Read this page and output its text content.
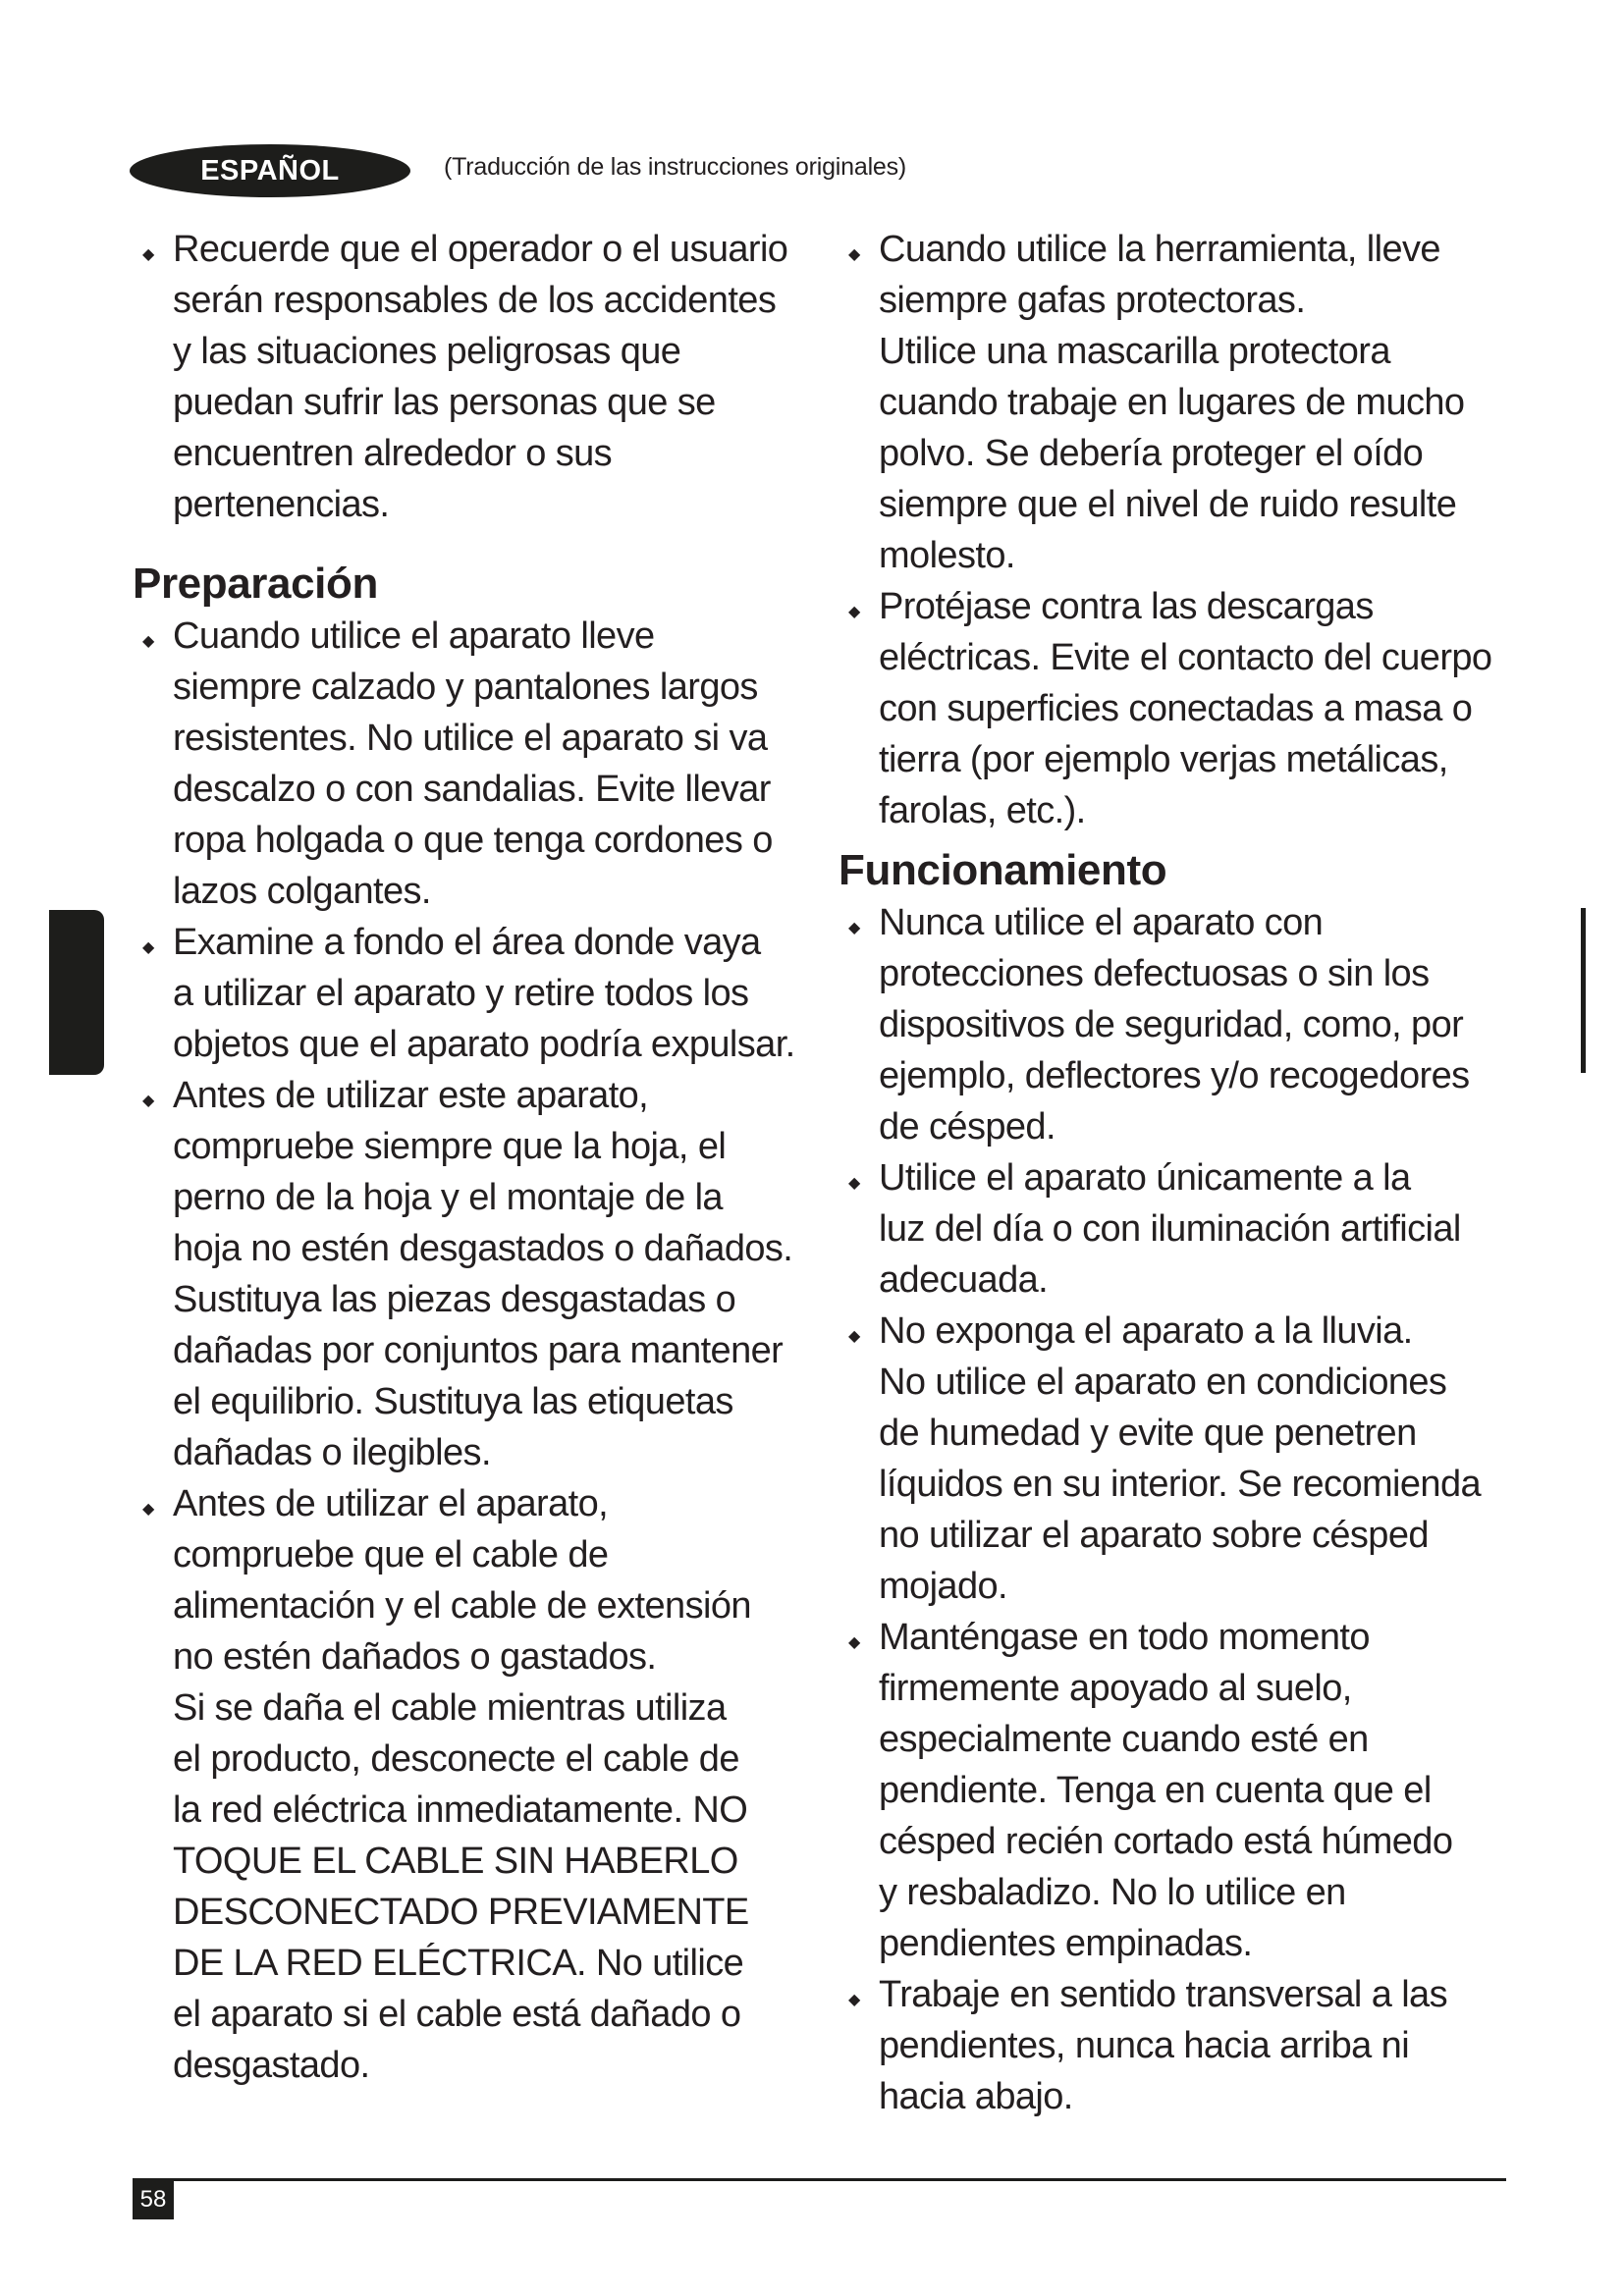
ESPAÑOL	(Traducción de las instrucciones originales)
◆ Recuerde que el operador o el usuario
serán responsables de los accidentes
y las situaciones peligrosas que
puedan sufrir las personas que se
encuentren alrededor o sus
pertenencias.

Preparación
◆ Cuando utilice el aparato lleve
siempre calzado y pantalones largos
resistentes. No utilice el aparato si va
descalzo o con sandalias. Evite llevar
ropa holgada o que tenga cordones o
lazos colgantes.

◆ Examine a fondo el área donde vaya
a utilizar el aparato y retire todos los
objetos que el aparato podría expulsar.

◆ Antes de utilizar este aparato,
compruebe siempre que la hoja, el
perno de la hoja y el montaje de la
hoja no estén desgastados o dañados.
Sustituya las piezas desgastadas o
dañadas por conjuntos para mantener
el equilibrio. Sustituya las etiquetas
dañadas o ilegibles.

◆ Antes de utilizar el aparato,
compruebe que el cable de
alimentación y el cable de extensión
no estén dañados o gastados.
Si se daña el cable mientras utiliza
el producto, desconecte el cable de
la red eléctrica inmediatamente. NO
TOQUE EL CABLE SIN HABERLO
DESCONECTADO PREVIAMENTE
DE LA RED ELÉCTRICA. No utilice
el aparato si el cable está dañado o
desgastado.

◆ Cuando utilice la herramienta, lleve
siempre gafas protectoras.
Utilice una mascarilla protectora
cuando trabaje en lugares de mucho
polvo. Se debería proteger el oído
siempre que el nivel de ruido resulte
molesto.

◆ Protéjase contra las descargas
eléctricas. Evite el contacto del cuerpo
con superficies conectadas a masa o
tierra (por ejemplo verjas metálicas,
farolas, etc.).

Funcionamiento
◆ Nunca utilice el aparato con
protecciones defectuosas o sin los
dispositivos de seguridad, como, por
ejemplo, deflectores y/o recogedores
de césped.

◆ Utilice el aparato únicamente a la
luz del día o con iluminación artificial
adecuada.

◆ No exponga el aparato a la lluvia.
No utilice el aparato en condiciones
de humedad y evite que penetren
líquidos en su interior. Se recomienda
no utilizar el aparato sobre césped
mojado.

◆ Manténgase en todo momento
firmemente apoyado al suelo,
especialmente cuando esté en
pendiente. Tenga en cuenta que el
césped recién cortado está húmedo
y resbaladizo. No lo utilice en
pendientes empinadas.

◆ Trabaje en sentido transversal a las
pendientes, nunca hacia arriba ni
hacia abajo.

58
